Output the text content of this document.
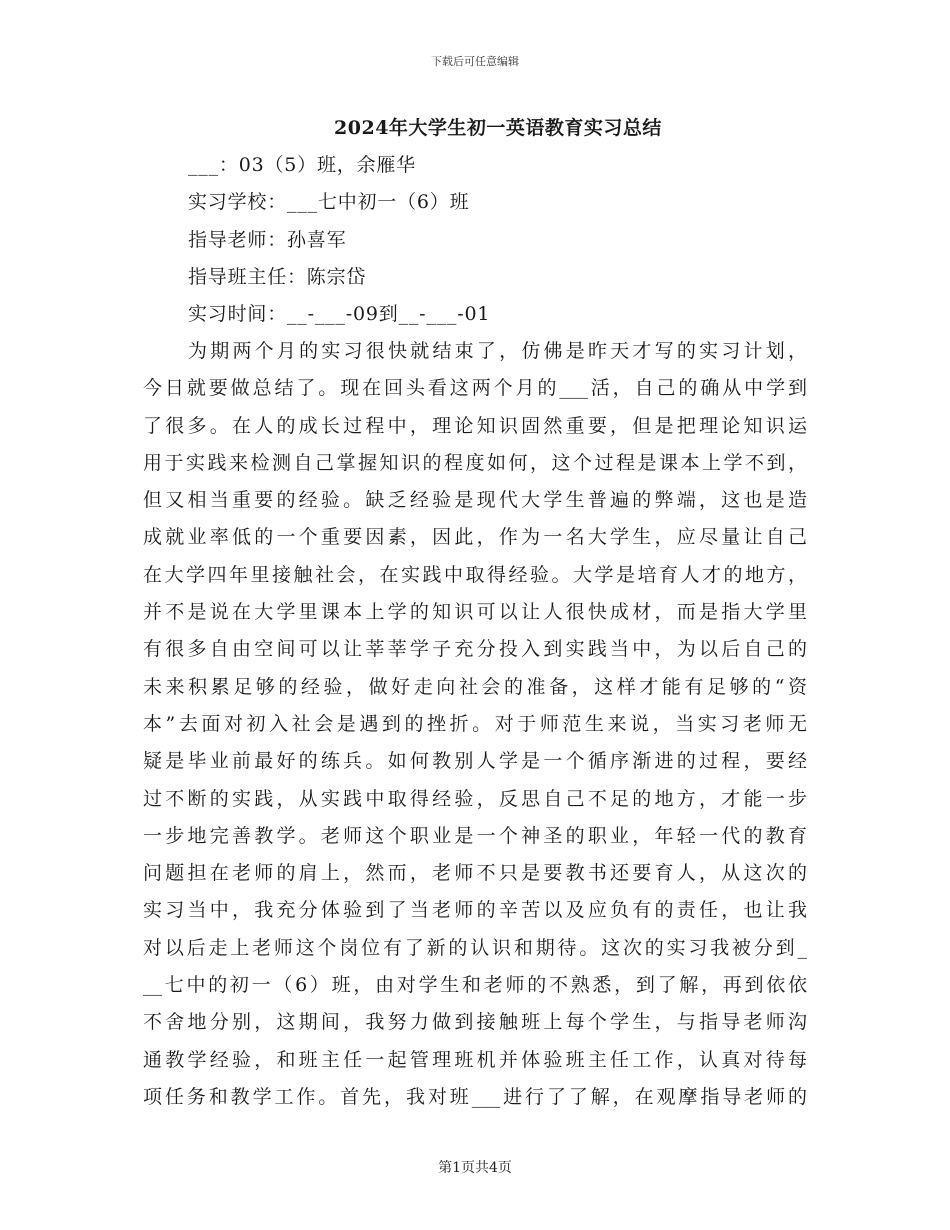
下载后可任意编辑
2024年大学生初一英语教育实习总结
___：03（5）班，余雁华
实习学校：___七中初一（6）班
指导老师：孙喜军
指导班主任：陈宗岱
实习时间：__-___-09到__-___-01
为期两个月的实习很快就结束了，仿佛是昨天才写的实习计划，
今日就要做总结了。现在回头看这两个月的___活，自己的确从中学到
了很多。在人的成长过程中，理论知识固然重要，但是把理论知识运
用于实践来检测自己掌握知识的程度如何，这个过程是课本上学不到，
但又相当重要的经验。缺乏经验是现代大学生普遍的弊端，这也是造
成就业率低的一个重要因素，因此，作为一名大学生，应尽量让自己
在大学四年里接触社会，在实践中取得经验。大学是培育人才的地方，
并不是说在大学里课本上学的知识可以让人很快成材，而是指大学里
有很多自由空间可以让莘莘学子充分投入到实践当中，为以后自己的
未来积累足够的经验，做好走向社会的准备，这样才能有足够的“资
本”去面对初入社会是遇到的挫折。对于师范生来说，当实习老师无
疑是毕业前最好的练兵。如何教别人学是一个循序渐进的过程，要经
过不断的实践，从实践中取得经验，反思自己不足的地方，才能一步
一步地完善教学。老师这个职业是一个神圣的职业，年轻一代的教育
问题担在老师的肩上，然而，老师不只是要教书还要育人，从这次的
实习当中，我充分体验到了当老师的辛苦以及应负有的责任，也让我
对以后走上老师这个岗位有了新的认识和期待。这次的实习我被分到_
__七中的初一（6）班，由对学生和老师的不熟悉，到了解，再到依依
不舍地分别，这期间，我努力做到接触班上每个学生，与指导老师沟
通教学经验，和班主任一起管理班机并体验班主任工作，认真对待每
项任务和教学工作。首先，我对班___进行了了解，在观摩指导老师的
第1页共4页
